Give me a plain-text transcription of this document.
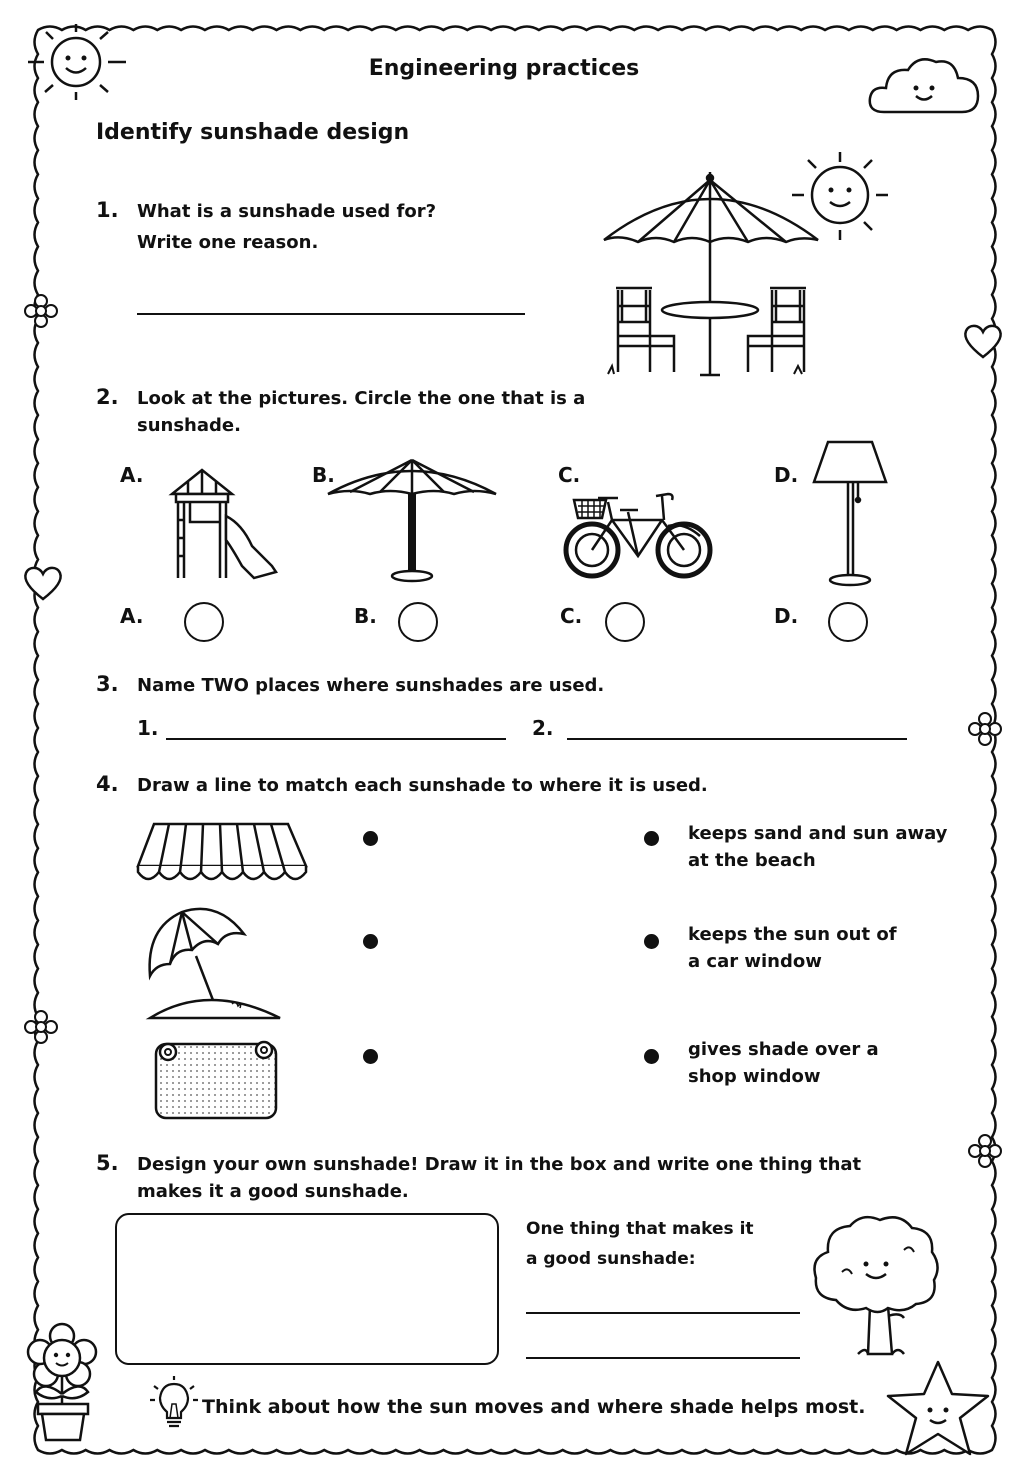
Engineering practices
Identify sunshade design
1. What is a sunshade used for?
Write one reason.
2. Look at the pictures. Circle the one that is a
sunshade.
A.	B.	C.	D.
A.	B.	C.	D.
3. Name TWO places where sunshades are used.
1.	2.
4. Draw a line to match each sunshade to where it is used.
keeps sand and sun away
at the beach
keeps the sun out of
a car window
gives shade over a
shop window
5. Design your own sunshade! Draw it in the box and write one thing that
makes it a good sunshade.
One thing that makes it
a good sunshade:
Think about how the sun moves and where shade helps most.
